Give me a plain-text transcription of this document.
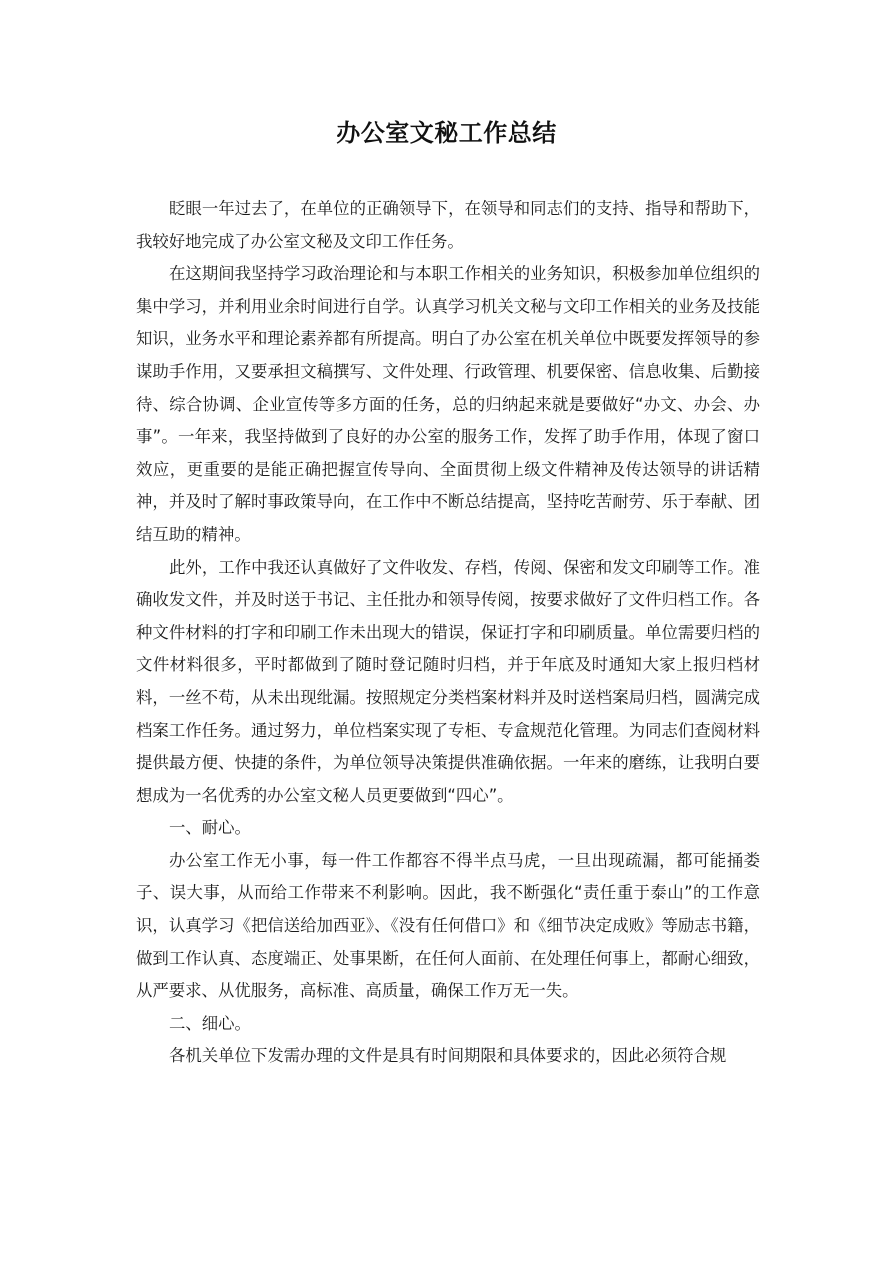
办公室文秘工作总结

眨眼一年过去了，在单位的正确领导下，在领导和同志们的支持、指导和帮助下，我较好地完成了办公室文秘及文印工作任务。

在这期间我坚持学习政治理论和与本职工作相关的业务知识，积极参加单位组织的集中学习，并利用业余时间进行自学。认真学习机关文秘与文印工作相关的业务及技能知识，业务水平和理论素养都有所提高。明白了办公室在机关单位中既要发挥领导的参谋助手作用，又要承担文稿撰写、文件处理、行政管理、机要保密、信息收集、后勤接待、综合协调、企业宣传等多方面的任务，总的归纳起来就是要做好“办文、办会、办事”。一年来，我坚持做到了良好的办公室的服务工作，发挥了助手作用，体现了窗口效应，更重要的是能正确把握宣传导向、全面贯彻上级文件精神及传达领导的讲话精神，并及时了解时事政策导向，在工作中不断总结提高，坚持吃苦耐劳、乐于奉献、团结互助的精神。

此外，工作中我还认真做好了文件收发、存档，传阅、保密和发文印刷等工作。准确收发文件，并及时送于书记、主任批办和领导传阅，按要求做好了文件归档工作。各种文件材料的打字和印刷工作未出现大的错误，保证打字和印刷质量。单位需要归档的文件材料很多，平时都做到了随时登记随时归档，并于年底及时通知大家上报归档材料，一丝不苟，从未出现纰漏。按照规定分类档案材料并及时送档案局归档，圆满完成档案工作任务。通过努力，单位档案实现了专柜、专盒规范化管理。为同志们查阅材料提供最方便、快捷的条件，为单位领导决策提供准确依据。一年来的磨练，让我明白要想成为一名优秀的办公室文秘人员更要做到“四心”。

一、耐心。

办公室工作无小事，每一件工作都容不得半点马虎，一旦出现疏漏，都可能捅娄子、误大事，从而给工作带来不利影响。因此，我不断强化“责任重于泰山”的工作意识，认真学习《把信送给加西亚》、《没有任何借口》和《细节决定成败》等励志书籍，做到工作认真、态度端正、处事果断，在任何人面前、在处理任何事上，都耐心细致，从严要求、从优服务，高标准、高质量，确保工作万无一失。

二、细心。

各机关单位下发需办理的文件是具有时间期限和具体要求的，因此必须符合规
